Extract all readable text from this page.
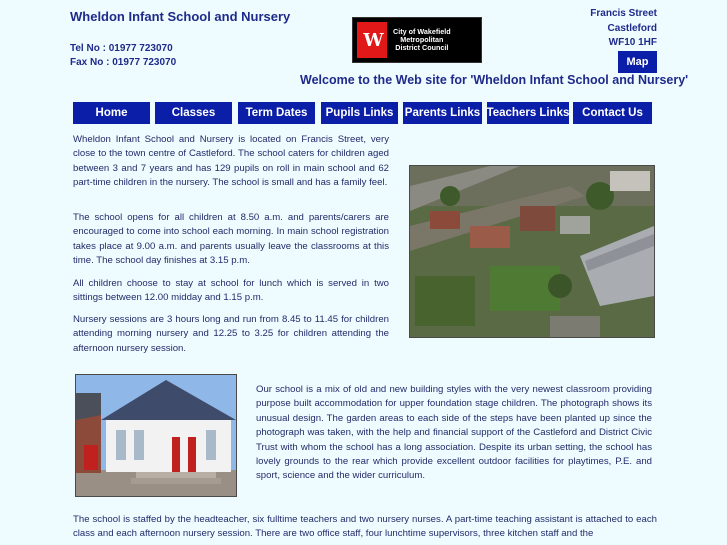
Wheldon Infant School and Nursery
Tel No : 01977 723070
Fax No : 01977 723070
W	City of Wakefield
Metropolitan
District Council
Francis Street
Castleford
WF10 1HF
Map
Welcome to the Web site for 'Wheldon Infant School and Nursery'
Home	Classes	Term Dates	Pupils Links Parents Links Teachers Links	Contact Us
Wheldon Infant School and Nursery is located on Francis Street, very close to the town centre of Castleford. The school caters for children aged between 3 and 7 years and has 129 pupils on roll in main school and 62 part-time children in the nursery. The school is small and has a family feel.
The school opens for all children at 8.50 a.m. and parents/carers are encouraged to come into school each morning. In main school registration takes place at 9.00 a.m. and parents usually leave the classrooms at this time. The school day finishes at 3.15 p.m.
All children choose to stay at school for lunch which is served in two sittings between 12.00 midday and 1.15 p.m.
Nursery sessions are 3 hours long and run from 8.45 to 11.45 for children attending morning nursery and 12.25 to 3.25 for children attending the afternoon nursery session.
Our school is a mix of old and new building styles with the very newest classroom providing purpose built accommodation for upper foundation stage children. The photograph shows its unusual design. The garden areas to each side of the steps have been planted up since the photograph was taken, with the help and financial support of the Castleford and District Civic Trust with whom the school has a long association. Despite its urban setting, the school has lovely grounds to the rear which provide excellent outdoor facilities for playtimes, P.E. and sport, science and the wider curriculum.
The school is staffed by the headteacher, six fulltime teachers and two nursery nurses. A part-time teaching assistant is attached to each class and each afternoon nursery session. There are two office staff, four lunchtime supervisors, three kitchen staff and the
